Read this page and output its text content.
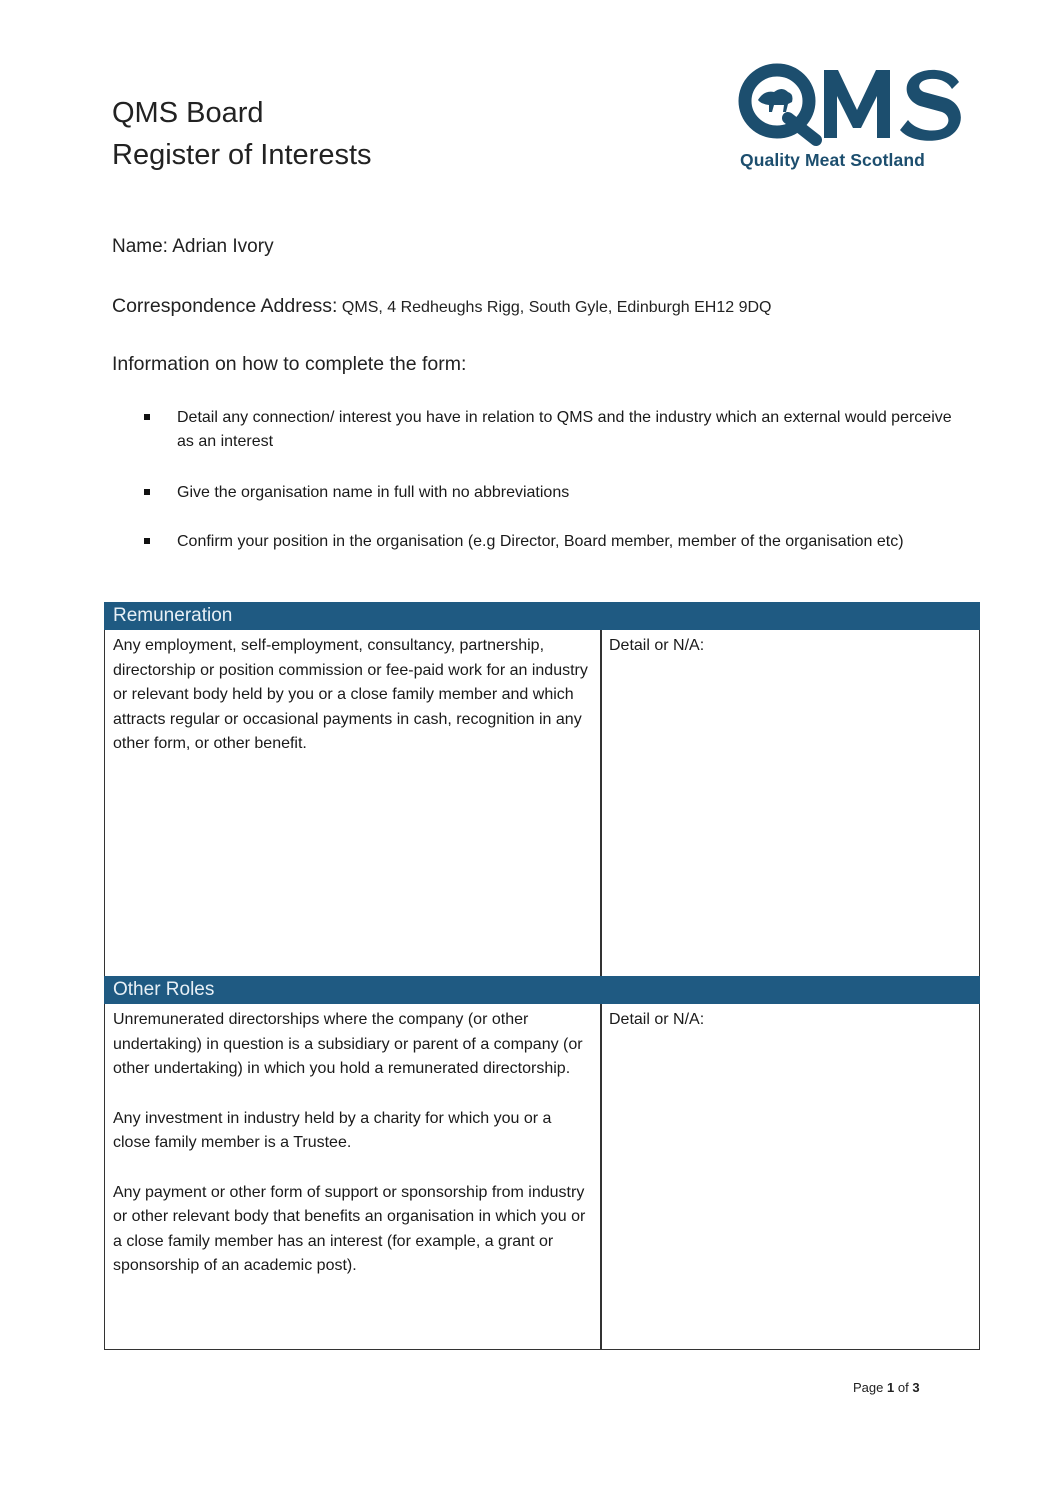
QMS Board
Register of Interests	Quality Meat Scotland
Name: Adrian Ivory
Correspondence Address: QMS, 4 Redheughs Rigg, South Gyle, Edinburgh EH12 9DQ
Information on how to complete the form:
Detail any connection/ interest you have in relation to QMS and the industry which an external would perceive as an interest
Give the organisation name in full with no abbreviations
Confirm your position in the organisation (e.g Director, Board member, member of the organisation etc)
Remuneration

Any employment, self-employment, consultancy, partnership, directorship or position commission or fee-paid work for an industry or relevant body held by you or a close family member and which attracts regular or occasional payments in cash, recognition in any other form, or other benefit.

Detail or N/A:
Other Roles

Unremunerated directorships where the company (or other undertaking) in question is a subsidiary or parent of a company (or other undertaking) in which you hold a remunerated directorship.

Any investment in industry held by a charity for which you or a close family member is a Trustee.

Any payment or other form of support or sponsorship from industry or other relevant body that benefits an organisation in which you or a close family member has an interest (for example, a grant or sponsorship of an academic post).

Detail or N/A:
Page 1 of 3
